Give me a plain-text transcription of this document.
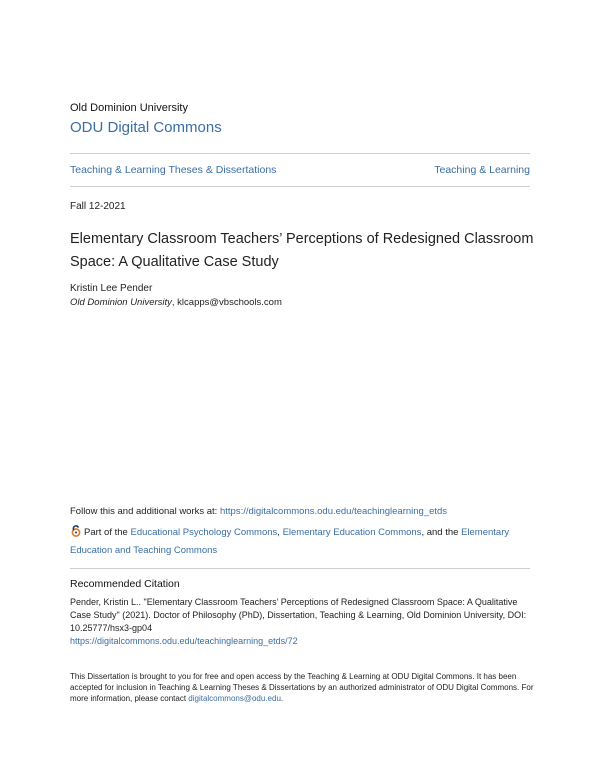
Old Dominion University
ODU Digital Commons
Teaching & Learning Theses & Dissertations	Teaching & Learning
Fall 12-2021
Elementary Classroom Teachers’ Perceptions of Redesigned Classroom Space: A Qualitative Case Study
Kristin Lee Pender
Old Dominion University, klcapps@vbschools.com
Follow this and additional works at: https://digitalcommons.odu.edu/teachinglearning_etds
Part of the Educational Psychology Commons, Elementary Education Commons, and the Elementary Education and Teaching Commons
Recommended Citation
Pender, Kristin L.. "Elementary Classroom Teachers’ Perceptions of Redesigned Classroom Space: A Qualitative Case Study" (2021). Doctor of Philosophy (PhD), Dissertation, Teaching & Learning, Old Dominion University, DOI: 10.25777/hsx3-gp04
https://digitalcommons.odu.edu/teachinglearning_etds/72
This Dissertation is brought to you for free and open access by the Teaching & Learning at ODU Digital Commons. It has been accepted for inclusion in Teaching & Learning Theses & Dissertations by an authorized administrator of ODU Digital Commons. For more information, please contact digitalcommons@odu.edu.
